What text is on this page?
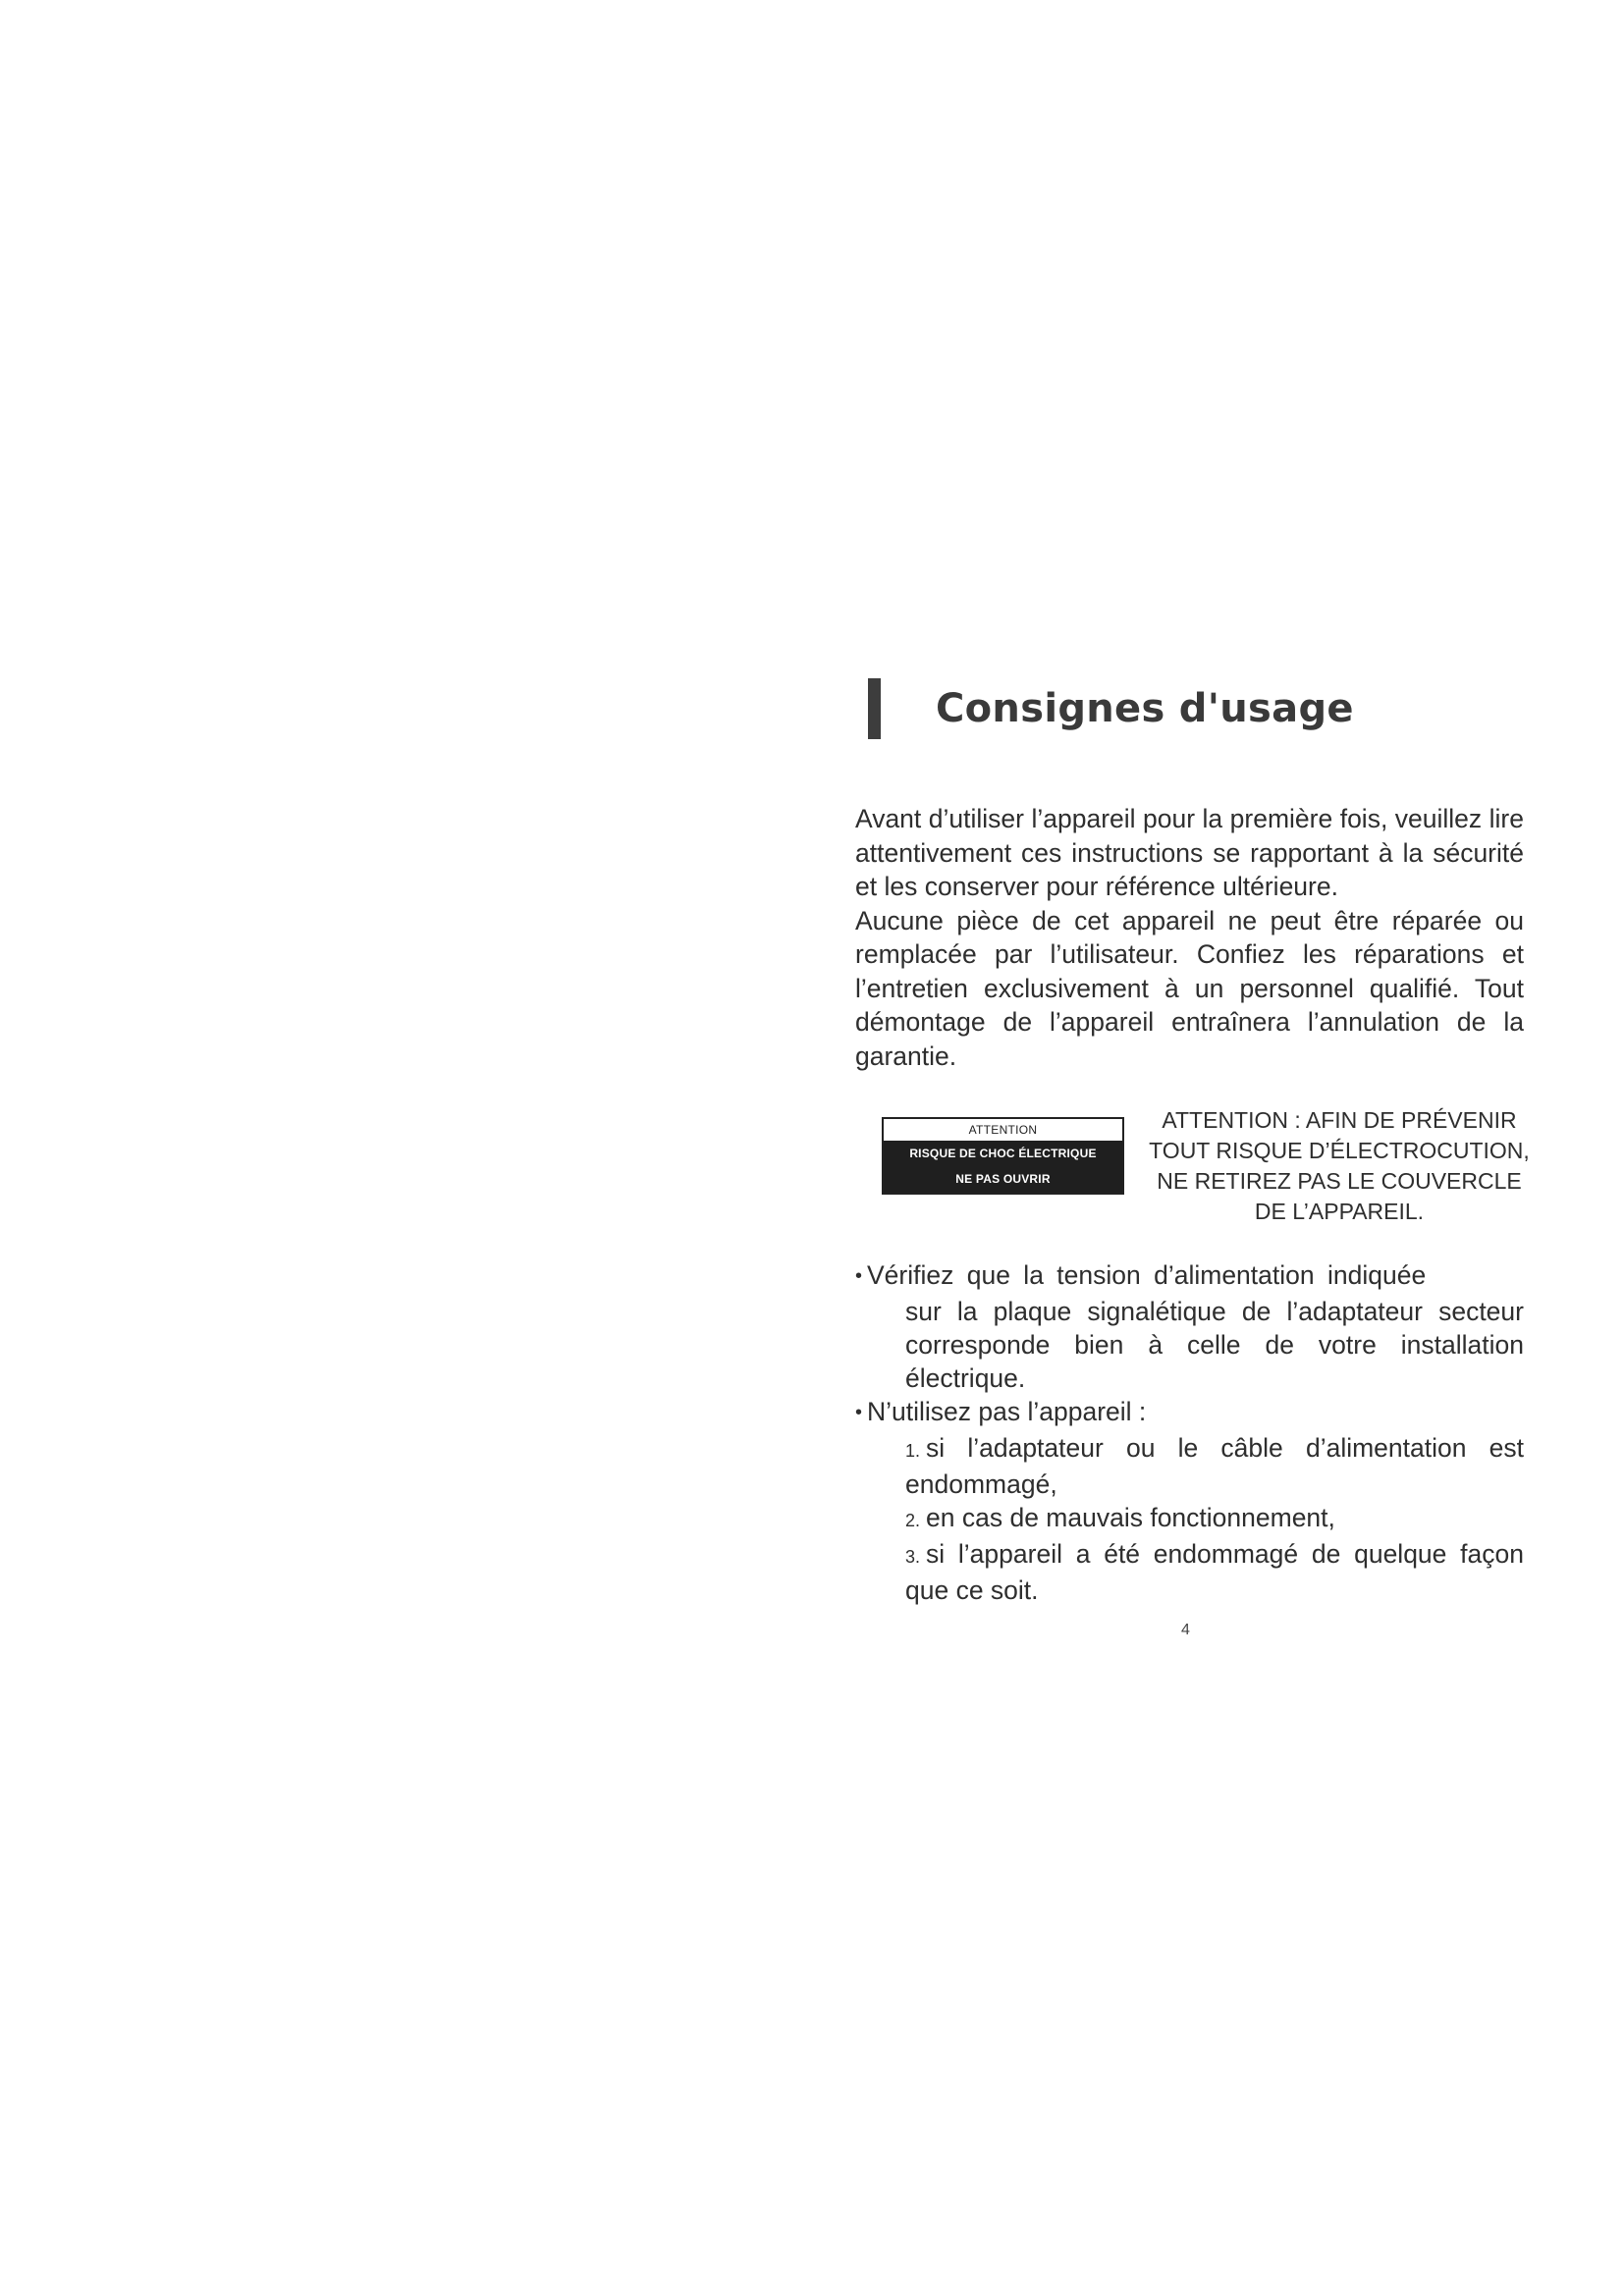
Consignes d'usage

Avant d’utiliser l’appareil pour la première fois, veuillez lire attentivement ces instructions se rapportant à la sécurité et les conserver pour référence ultérieure.

Aucune pièce de cet appareil ne peut être réparée ou remplacée par l’utilisateur. Confiez les réparations et l’entretien exclusivement à un personnel qualifié. Tout démontage de l’appareil entraînera l’annulation de la garantie.

ATTENTION
RISQUE DE CHOC ÉLECTRIQUE
NE PAS OUVRIR
ATTENTION : AFIN DE PRÉVENIR
TOUT RISQUE D’ÉLECTROCUTION,
NE RETIREZ PAS LE COUVERCLE
DE L’APPAREIL.
• Vérifiez que la tension d’alimentation indiquée
sur la plaque signalétique de l’adaptateur secteur corresponde bien à celle de votre installation électrique.
• N’utilisez pas l’appareil :
1. si l’adaptateur ou le câble d’alimentation est endommagé,
2. en cas de mauvais fonctionnement,
3. si l’appareil a été endommagé de quelque façon que ce soit.
4
